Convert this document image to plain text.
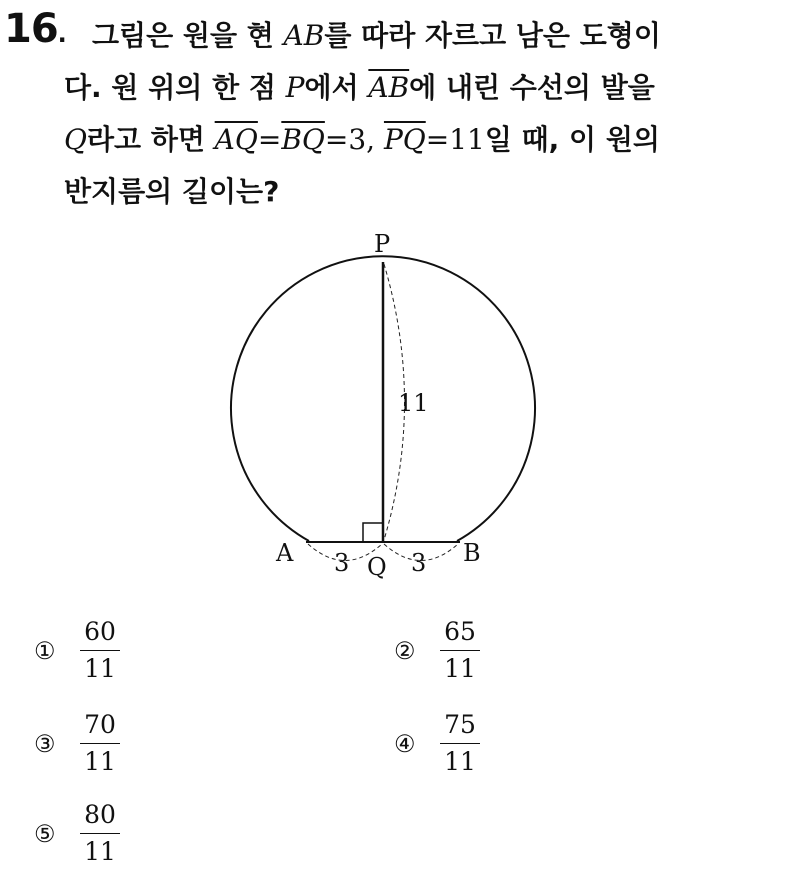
16. 그림은 원을 현 AB를 따라 자르고 남은 도형이
다. 원 위의 한 점 P에서 $\overline{AB}$에 내린 수선의 발을
Q라고 하면 $\overline{AQ}=\overline{BQ}=3$, $\overline{PQ}=11$일 때, 이 원의
반지름의 길이는?
P
A	B
Q
11
3	3
① $\frac{60}{11}$	② $\frac{65}{11}$
③ $\frac{70}{11}$	④ $\frac{75}{11}$
⑤ $\frac{80}{11}$
